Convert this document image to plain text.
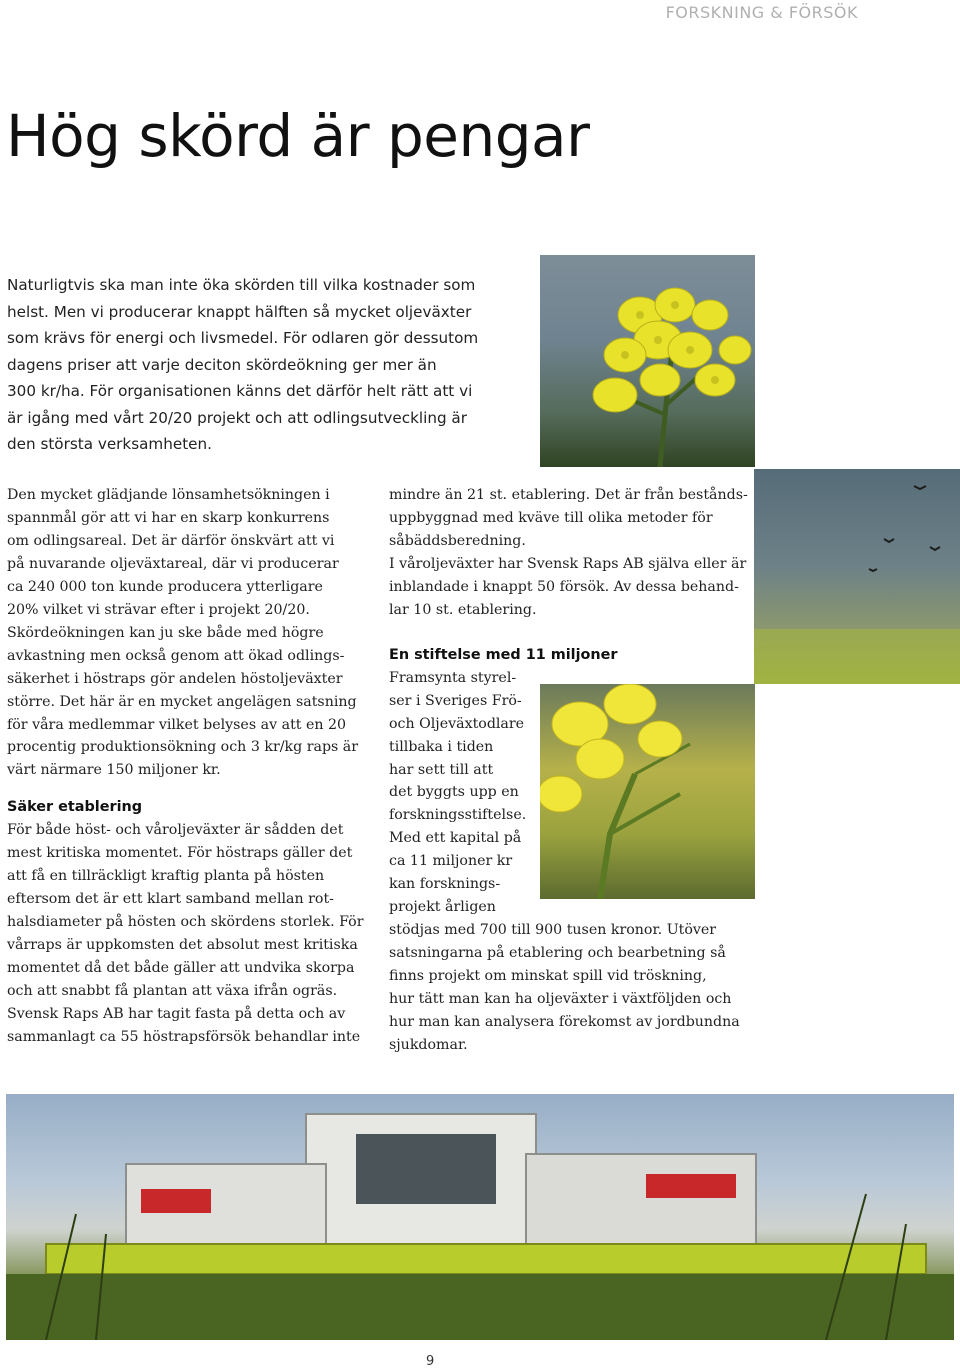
FORSKNING & FÖRSÖK
Hög skörd är pengar

Naturligtvis ska man inte öka skörden till vilka kostnader som
helst. Men vi producerar knappt hälften så mycket oljeväxter
som krävs för energi och livsmedel. För odlaren gör dessutom
dagens priser att varje deciton skördeökning ger mer än
300 kr/ha. För organisationen känns det därför helt rätt att vi
är igång med vårt 20/20 projekt och att odlingsutveckling är
den största verksamheten.

Den mycket glädjande lönsamhetsökningen i
spannmål gör att vi har en skarp konkurrens
om odlingsareal. Det är därför önskvärt att vi
på nuvarande oljeväxtareal, där vi producerar
ca 240 000 ton kunde producera ytterligare
20% vilket vi strävar efter i projekt 20/20.
Skördeökningen kan ju ske både med högre
avkastning men också genom att ökad odlings-
säkerhet i höstraps gör andelen höstoljeväxter
större. Det här är en mycket angelägen satsning
för våra medlemmar vilket belyses av att en 20
procentig produktionsökning och 3 kr/kg raps är
värt närmare 150 miljoner kr.

Säker etablering

För både höst- och våroljeväxter är sådden det
mest kritiska momentet. För höstraps gäller det
att få en tillräckligt kraftig planta på hösten
eftersom det är ett klart samband mellan rot-
halsdiameter på hösten och skördens storlek. För
vårraps är uppkomsten det absolut mest kritiska
momentet då det både gäller att undvika skorpa
och att snabbt få plantan att växa ifrån ogräs.
Svensk Raps AB har tagit fasta på detta och av
sammanlagt ca 55 höstrapsförsök behandlar inte

mindre än 21 st. etablering. Det är från bestånds-
uppbyggnad med kväve till olika metoder för
såbäddsberedning.
I våroljeväxter har Svensk Raps AB själva eller är
inblandade i knappt 50 försök. Av dessa behand-
lar 10 st. etablering.

En stiftelse med 11 miljoner

Framsynta styrel-
ser i Sveriges Frö-
och Oljeväxtodlare
tillbaka i tiden
har sett till att
det byggts upp en
forskningsstiftelse.
Med ett kapital på
ca 11 miljoner kr
kan forsknings-
projekt årligen
stödjas med 700 till 900 tusen kronor. Utöver
satsningarna på etablering och bearbetning så
finns projekt om minskat spill vid tröskning,
hur tätt man kan ha oljeväxter i växtföljden och
hur man kan analysera förekomst av jordbundna
sjukdomar.

9
